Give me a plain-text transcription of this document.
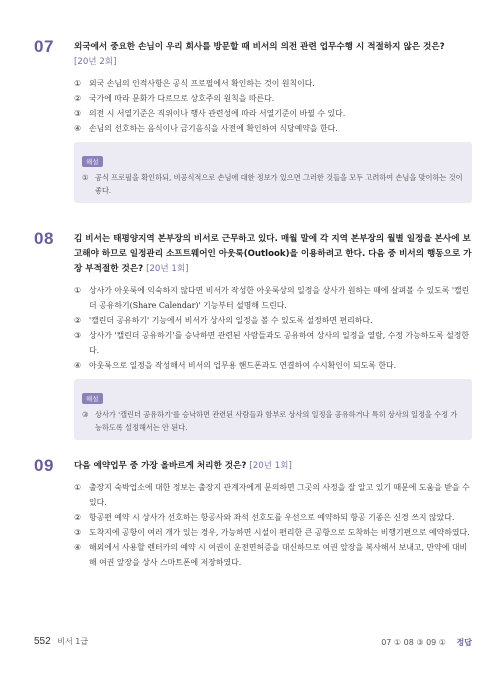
07 외국에서 중요한 손님이 우리 회사를 방문할 때 비서의 의전 관련 업무수행 시 적절하지 않은 것은?
[20년 2회]
① 외국 손님의 인적사항은 공식 프로필에서 확인하는 것이 원칙이다.
② 국가에 따라 문화가 다르므로 상호주의 원칙을 따른다.
③ 의전 시 서열기준은 직위이나 행사 관련성에 따라 서열기준이 바뀔 수 있다.
④ 손님의 선호하는 음식이나 금기음식을 사전에 확인하여 식당예약을 한다.
해설
① 공식 프로필을 확인하되, 비공식적으로 손님에 대한 정보가 있으면 그러한 것들을 모두 고려하여 손님을 맞이하는 것이 좋다.
08 김 비서는 태평양지역 본부장의 비서로 근무하고 있다. 매월 말에 각 지역 본부장의 월별 일정을 본사에 보고해야 하므로 일정관리 소프트웨어인 아웃룩(Outlook)을 이용하려고 한다. 다음 중 비서의 행동으로 가장 부적절한 것은? [20년 1회]
① 상사가 아웃룩에 익숙하지 않다면 비서가 작성한 아웃룩상의 일정을 상사가 원하는 때에 살펴볼 수 있도록 '캘린더 공유하기(Share Calendar)' 기능부터 설명해 드린다.
② '캘린더 공유하기' 기능에서 비서가 상사의 일정을 볼 수 있도록 설정하면 편리하다.
③ 상사가 '캘린더 공유하기'를 승낙하면 관련된 사람들과도 공유하여 상사의 일정을 열람, 수정 가능하도록 설정한다.
④ 아웃룩으로 일정을 작성해서 비서의 업무용 핸드폰과도 연결하여 수시확인이 되도록 한다.
해설
③ 상사가 '캘린더 공유하기'를 승낙하면 관련된 사람들과 함부로 상사의 일정을 공유하거나 특히 상사의 일정을 수정 가능하도록 설정해서는 안 된다.
09 다음 예약업무 중 가장 올바르게 처리한 것은? [20년 1회]
① 출장지 숙박업소에 대한 정보는 출장지 관계자에게 문의하면 그곳의 사정을 잘 알고 있기 때문에 도움을 받을 수 있다.
② 항공편 예약 시 상사가 선호하는 항공사와 좌석 선호도를 우선으로 예약하되 항공 기종은 신경 쓰지 않았다.
③ 도착지에 공항이 여러 개가 있는 경우, 가능하면 시설이 편리한 큰 공항으로 도착하는 비행기편으로 예약하였다.
④ 해외에서 사용할 렌터카의 예약 시 여권이 운전면허증을 대신하므로 여권 앞장을 복사해서 보내고, 만약에 대비해 여권 앞장을 상사 스마트폰에 저장하였다.
552 비서 1급	07 ① 08 ③ 09 ① 정답
